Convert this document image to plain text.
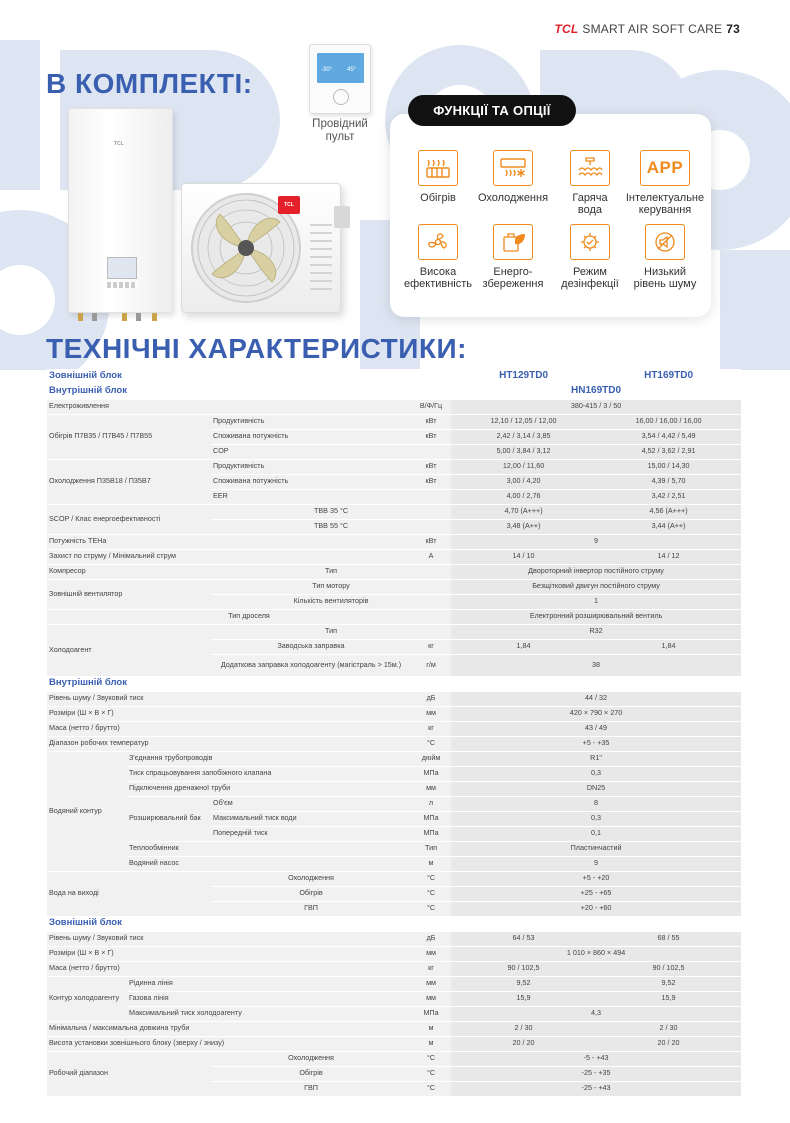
TCL SMART AIR SOFT CARE 73
В КОМПЛЕКТІ:
TCL
-30° 45°
Провідний
пульт
TCL
ФУНКЦІЇ ТА ОПЦІЇ
Обігрів	Охолодження	Гаряча
вода
APP
Інтелектуальне
керування
Висока
ефективність
Енерго-
збереження
Режим
дезінфекції
Низький
рівень шуму
ТЕХНІЧНІ ХАРАКТЕРИСТИКИ:
Зовнішній блок				HT129TD0	HT169TD0
Внутрішній блок				HN169TD0	
Електроживлення			В/Ф/Гц	380-415 / 3 / 50	
Обігрів П7В35 / П7В45 / П7В55		Продуктивність	кВт	12,10 / 12,05 / 12,00	16,00 / 16,00 / 16,00
		Споживана потужність	кВт	2,42 / 3,14 / 3,85	3,54 / 4,42 / 5,49
		COP		5,00 / 3,84 / 3,12	4,52 / 3,62 / 2,91
Охолодження П35В18 / П35В7		Продуктивність	кВт	12,00 / 11,60	15,00 / 14,30
		Споживана потужність	кВт	3,00 / 4,20	4,39 / 5,70
		EER		4,00 / 2,76	3,42 / 2,51
SCOP / Клас енергоефективності		ТВВ 35 °C		4,70 (A+++)	4,56 (A+++)
		ТВВ 55 °C		3,48 (A++)	3,44 (A++)
Потужність ТЕНа			кВт	9	
Захист по струму / Мінімальний струм			А	14 / 10	14 / 12
Компресор		Тип		Двороторний інвертор постійного струму	
Зовнішній вентилятор		Тип мотору		Безщітковий двигун постійного струму	
		Кількість вентиляторів		1	
Тип дроселя				Електронний розширювальний вентиль	
Холодоагент		Тип		R32	
		Заводська заправка	кг	1,84	1,84
		Додаткова заправка холодоагенту (магістраль > 15м.)	г/м	38	
Внутрішній блок					
Рівень шуму / Звуковий тиск			дБ	44 / 32	
Розміри (Ш × В × Г)			мм	420 × 790 × 270	
Маса (нетто / брутто)			кг	43 / 49	
Діапазон робочих температур			°C	+5 - +35	
Водяний контур	З'єднання трубопроводів		дюйм	R1"	
	Тиск спрацьовування запобіжного клапана		МПа	0,3	
	Підключення дренажної труби		мм	DN25	
	Розширювальний бак	Об'єм	л	8	
		Максимальний тиск води	МПа	0,3	
		Попередній тиск	МПа	0,1	
	Теплообмінник		Тип	Пластинчастий	
	Водяний насос		м	9	
Вода на виході		Охолодження	°C	+5 - +20	
		Обігрів	°C	+25 - +65	
		ГВП	°C	+20 - +60	
Зовнішній блок					
Рівень шуму / Звуковий тиск			дБ	64 / 53	68 / 55
Розміри (Ш × В × Г)			мм	1 010 × 860 × 494	
Маса (нетто / брутто)			кг	90 / 102,5	90 / 102,5
Контур холодоагенту	Рідинна лінія		мм	9,52	9,52
	Газова лінія		мм	15,9	15,9
	Максимальний тиск холодоагенту		МПа	4,3	
Мінімальна / максимальна довжина труби			м	2 / 30	2 / 30
Висота установки зовнішнього блоку (зверху / знизу)			м	20 / 20	20 / 20
Робочий діапазон		Охолодження	°C	-5 - +43	
		Обігрів	°C	-25 - +35	
		ГВП	°C	-25 - +43	
